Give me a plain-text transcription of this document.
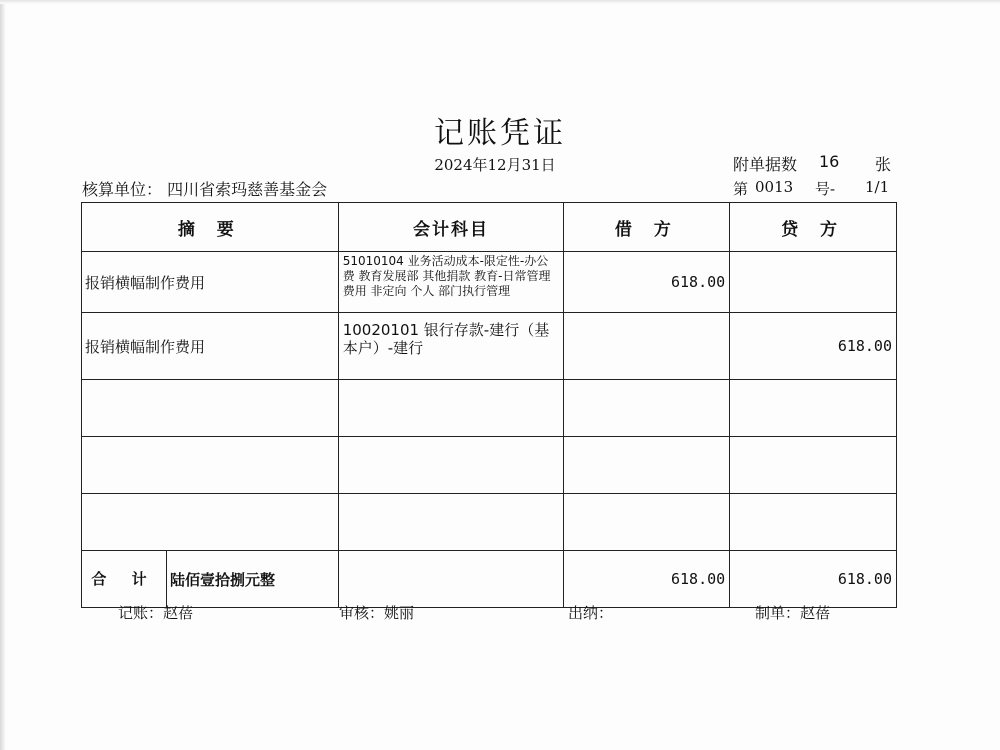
记账凭证
2024年12月31日	附单据数	16	张
核算单位： 四川省索玛慈善基金会	第 0013	号-	1/1
摘 要	会计科目	借 方	贷 方
报销横幅制作费用	51010104 业务活动成本-限定性-办公费 教育发展部 其他捐款 教育-日常管理费用 非定向 个人 部门执行管理	618.00	
报销横幅制作费用	10020101 银行存款-建行（基本户）-建行		618.00

合 计 陆佰壹拾捌元整		618.00	618.00
记账：赵蓓	审核：姚丽	出纳：	制单：赵蓓
